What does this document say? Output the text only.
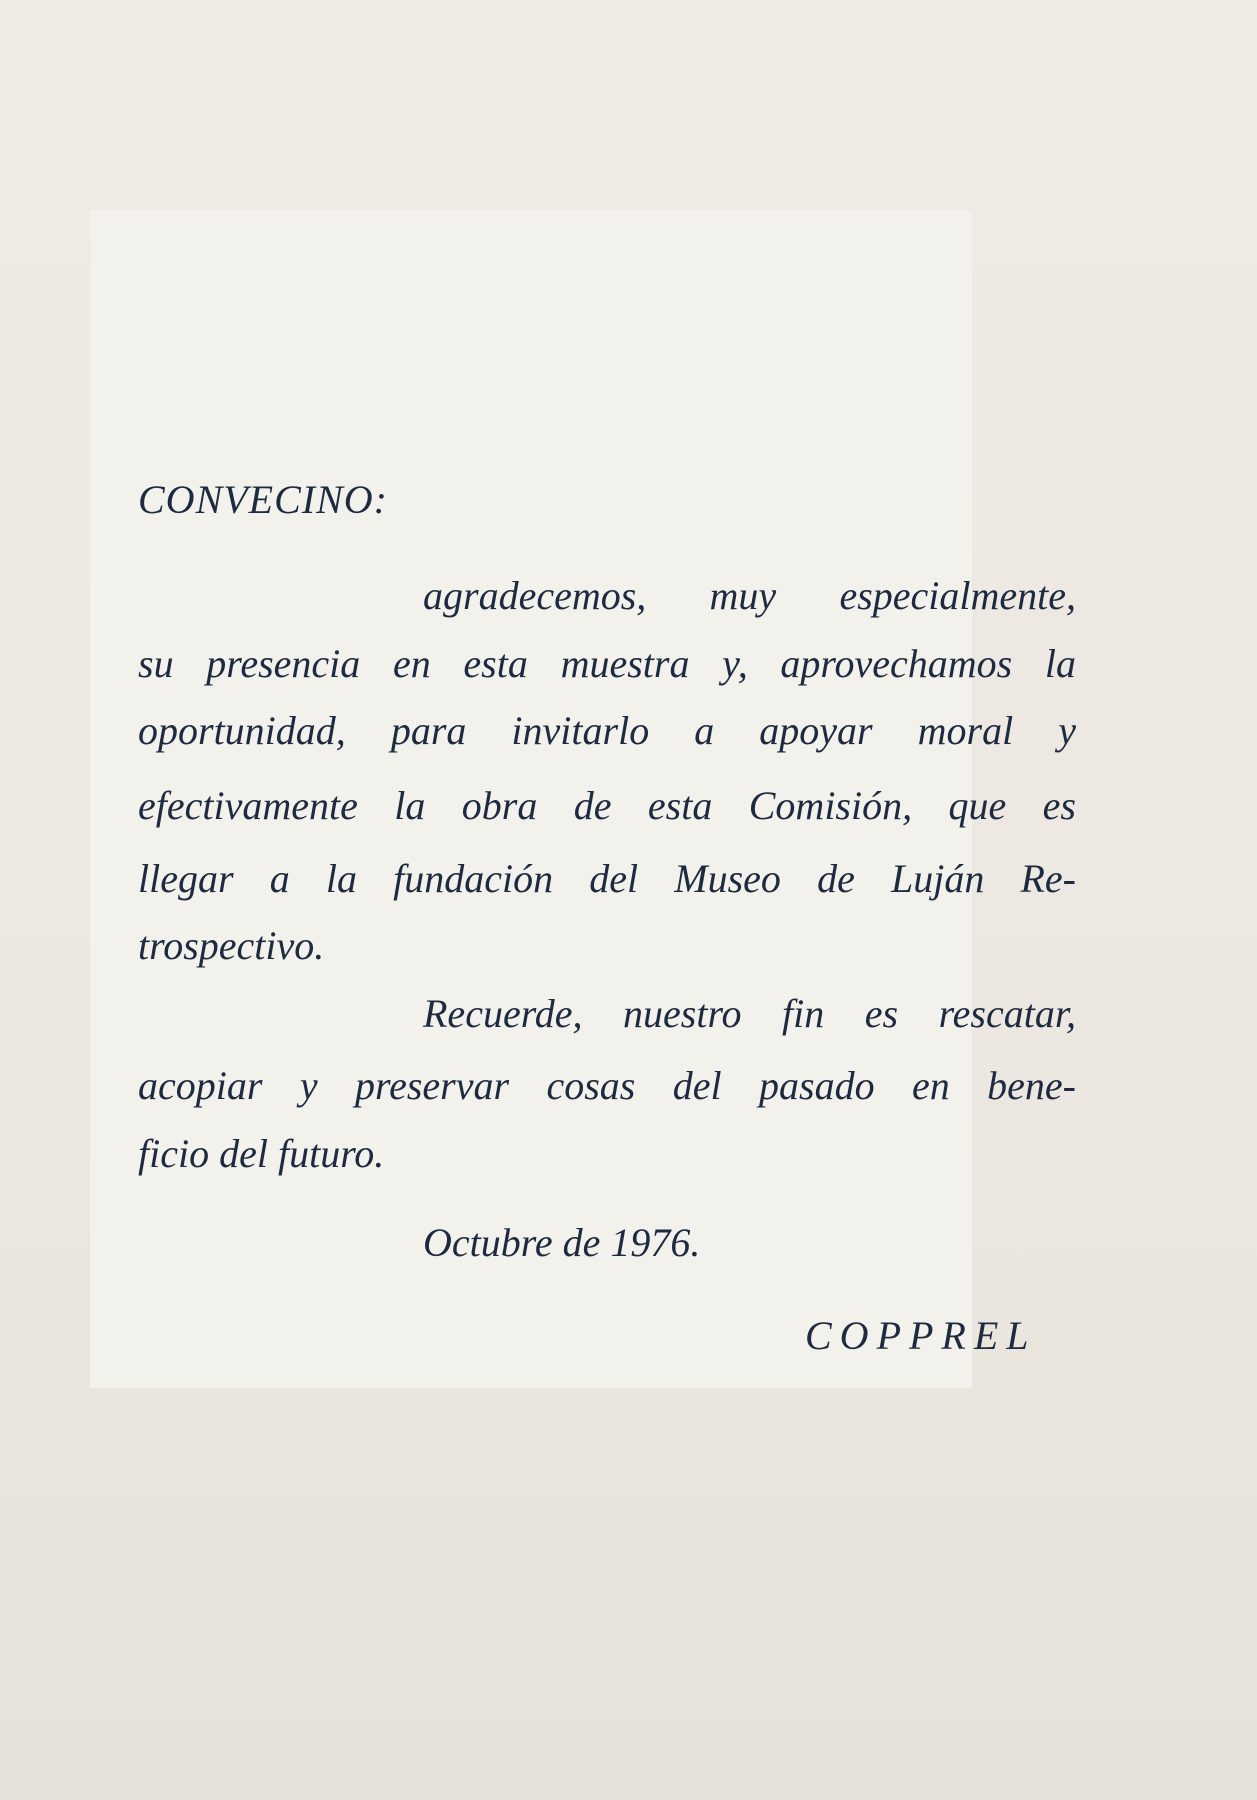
CONVECINO:

agradecemos, muy especialmente,

su presencia en esta muestra y, aprovechamos la

oportunidad, para invitarlo a apoyar moral y

efectivamente la obra de esta Comisión, que es

llegar a la fundación del Museo de Luján Re-

trospectivo.

Recuerde, nuestro fin es rescatar,

acopiar y preservar cosas del pasado en bene-

ficio del futuro.

Octubre de 1976.

COPPREL
